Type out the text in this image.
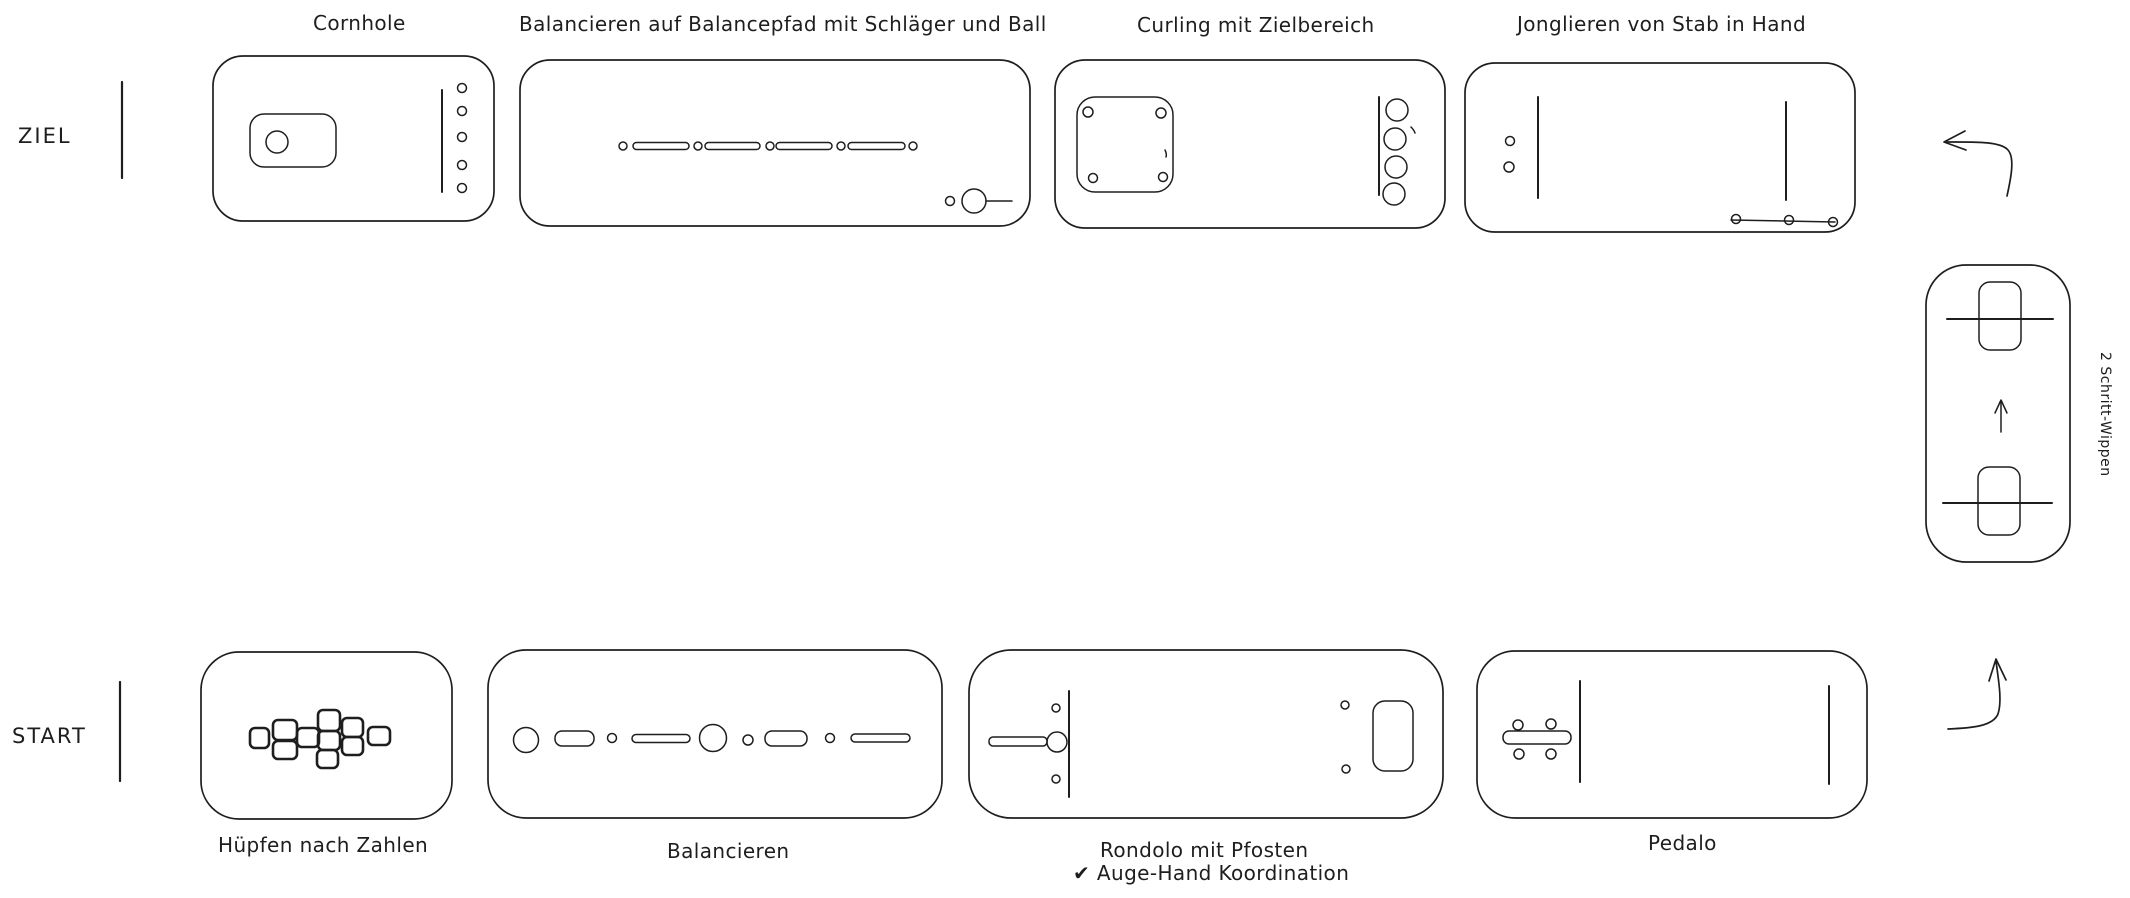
ZIEL
START
Cornhole	Balancieren auf Balancepfad mit Schläger und Ball	Curling mit Zielbereich	Jonglieren von Stab in Hand
Hüpfen nach Zahlen	Balancieren	Rondolo mit Pfosten
✔ Auge-Hand Koordination
Pedalo
2 Schritt-Wippen
